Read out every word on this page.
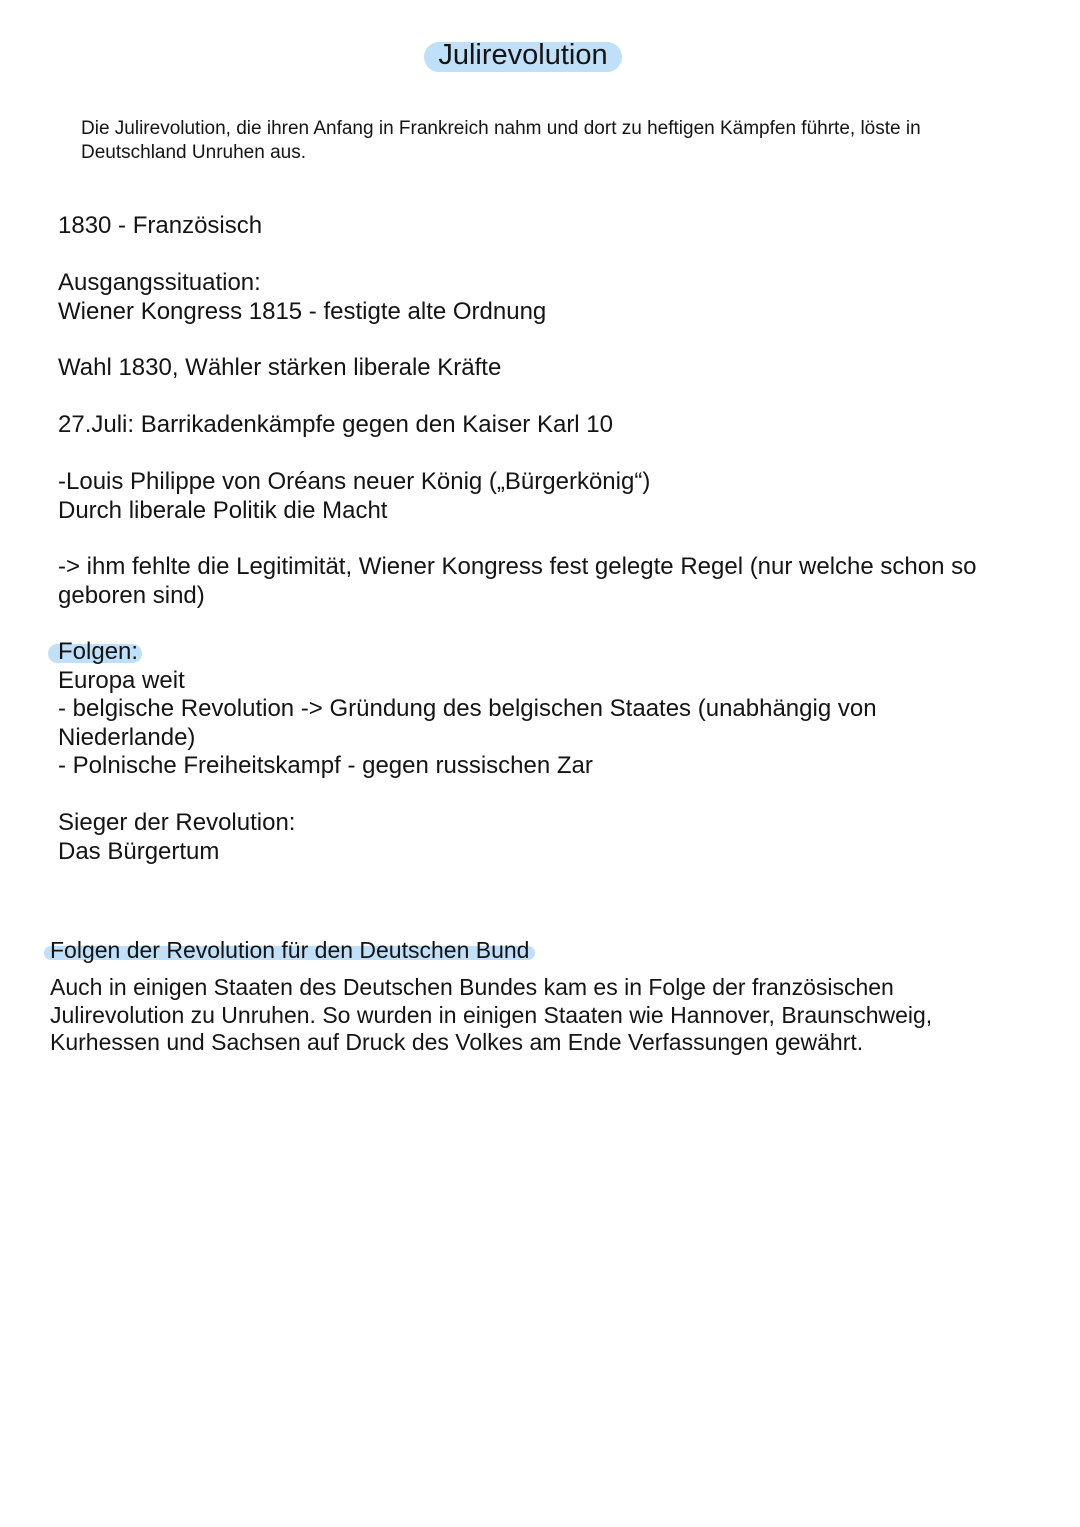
Julirevolution
Die Julirevolution, die ihren Anfang in Frankreich nahm und dort zu heftigen Kämpfen führte, löste in Deutschland Unruhen aus.
1830 - Französisch
Ausgangssituation:
Wiener Kongress 1815 - festigte alte Ordnung
Wahl 1830, Wähler stärken liberale Kräfte
27.Juli: Barrikadenkämpfe gegen den Kaiser Karl 10
-Louis Philippe von Oréans neuer König („Bürgerkönig“)
Durch liberale Politik die Macht
-> ihm fehlte die Legitimität, Wiener Kongress fest gelegte Regel (nur welche schon so geboren sind)
Folgen:
Europa weit
- belgische Revolution -> Gründung des belgischen Staates (unabhängig von Niederlande)
- Polnische Freiheitskampf - gegen russischen Zar
Sieger der Revolution:
Das Bürgertum
Folgen der Revolution für den Deutschen Bund
Auch in einigen Staaten des Deutschen Bundes kam es in Folge der französischen Julirevolution zu Unruhen. So wurden in einigen Staaten wie Hannover, Braunschweig, Kurhessen und Sachsen auf Druck des Volkes am Ende Verfassungen gewährt.
